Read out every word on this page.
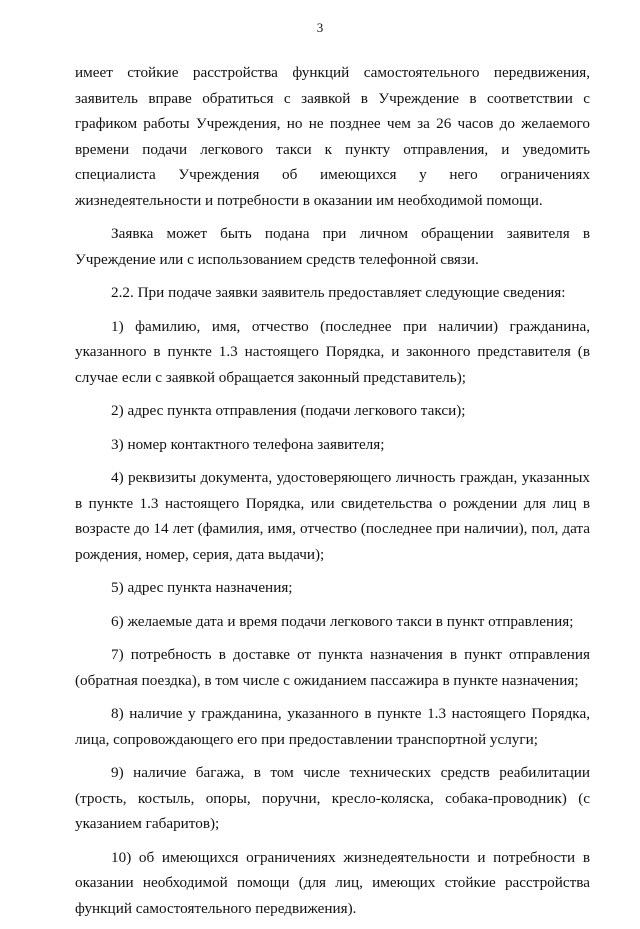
3

имеет стойкие расстройства функций самостоятельного передвижения, заявитель вправе обратиться с заявкой в Учреждение в соответствии с графиком работы Учреждения, но не позднее чем за 26 часов до желаемого времени подачи легкового такси к пункту отправления, и уведомить специалиста Учреждения об имеющихся у него ограничениях жизнедеятельности и потребности в оказании им необходимой помощи.

Заявка может быть подана при личном обращении заявителя в Учреждение или с использованием средств телефонной связи.

2.2. При подаче заявки заявитель предоставляет следующие сведения:

1) фамилию, имя, отчество (последнее при наличии) гражданина, указанного в пункте 1.3 настоящего Порядка, и законного представителя (в случае если с заявкой обращается законный представитель);

2) адрес пункта отправления (подачи легкового такси);

3) номер контактного телефона заявителя;

4) реквизиты документа, удостоверяющего личность граждан, указанных в пункте 1.3 настоящего Порядка, или свидетельства о рождении для лиц в возрасте до 14 лет (фамилия, имя, отчество (последнее при наличии), пол, дата рождения, номер, серия, дата выдачи);

5) адрес пункта назначения;

6) желаемые дата и время подачи легкового такси в пункт отправления;

7) потребность в доставке от пункта назначения в пункт отправления (обратная поездка), в том числе с ожиданием пассажира в пункте назначения;

8) наличие у гражданина, указанного в пункте 1.3 настоящего Порядка, лица, сопровождающего его при предоставлении транспортной услуги;

9) наличие багажа, в том числе технических средств реабилитации (трость, костыль, опоры, поручни, кресло-коляска, собака-проводник) (с указанием габаритов);

10) об имеющихся ограничениях жизнедеятельности и потребности в оказании необходимой помощи (для лиц, имеющих стойкие расстройства функций самостоятельного передвижения).
